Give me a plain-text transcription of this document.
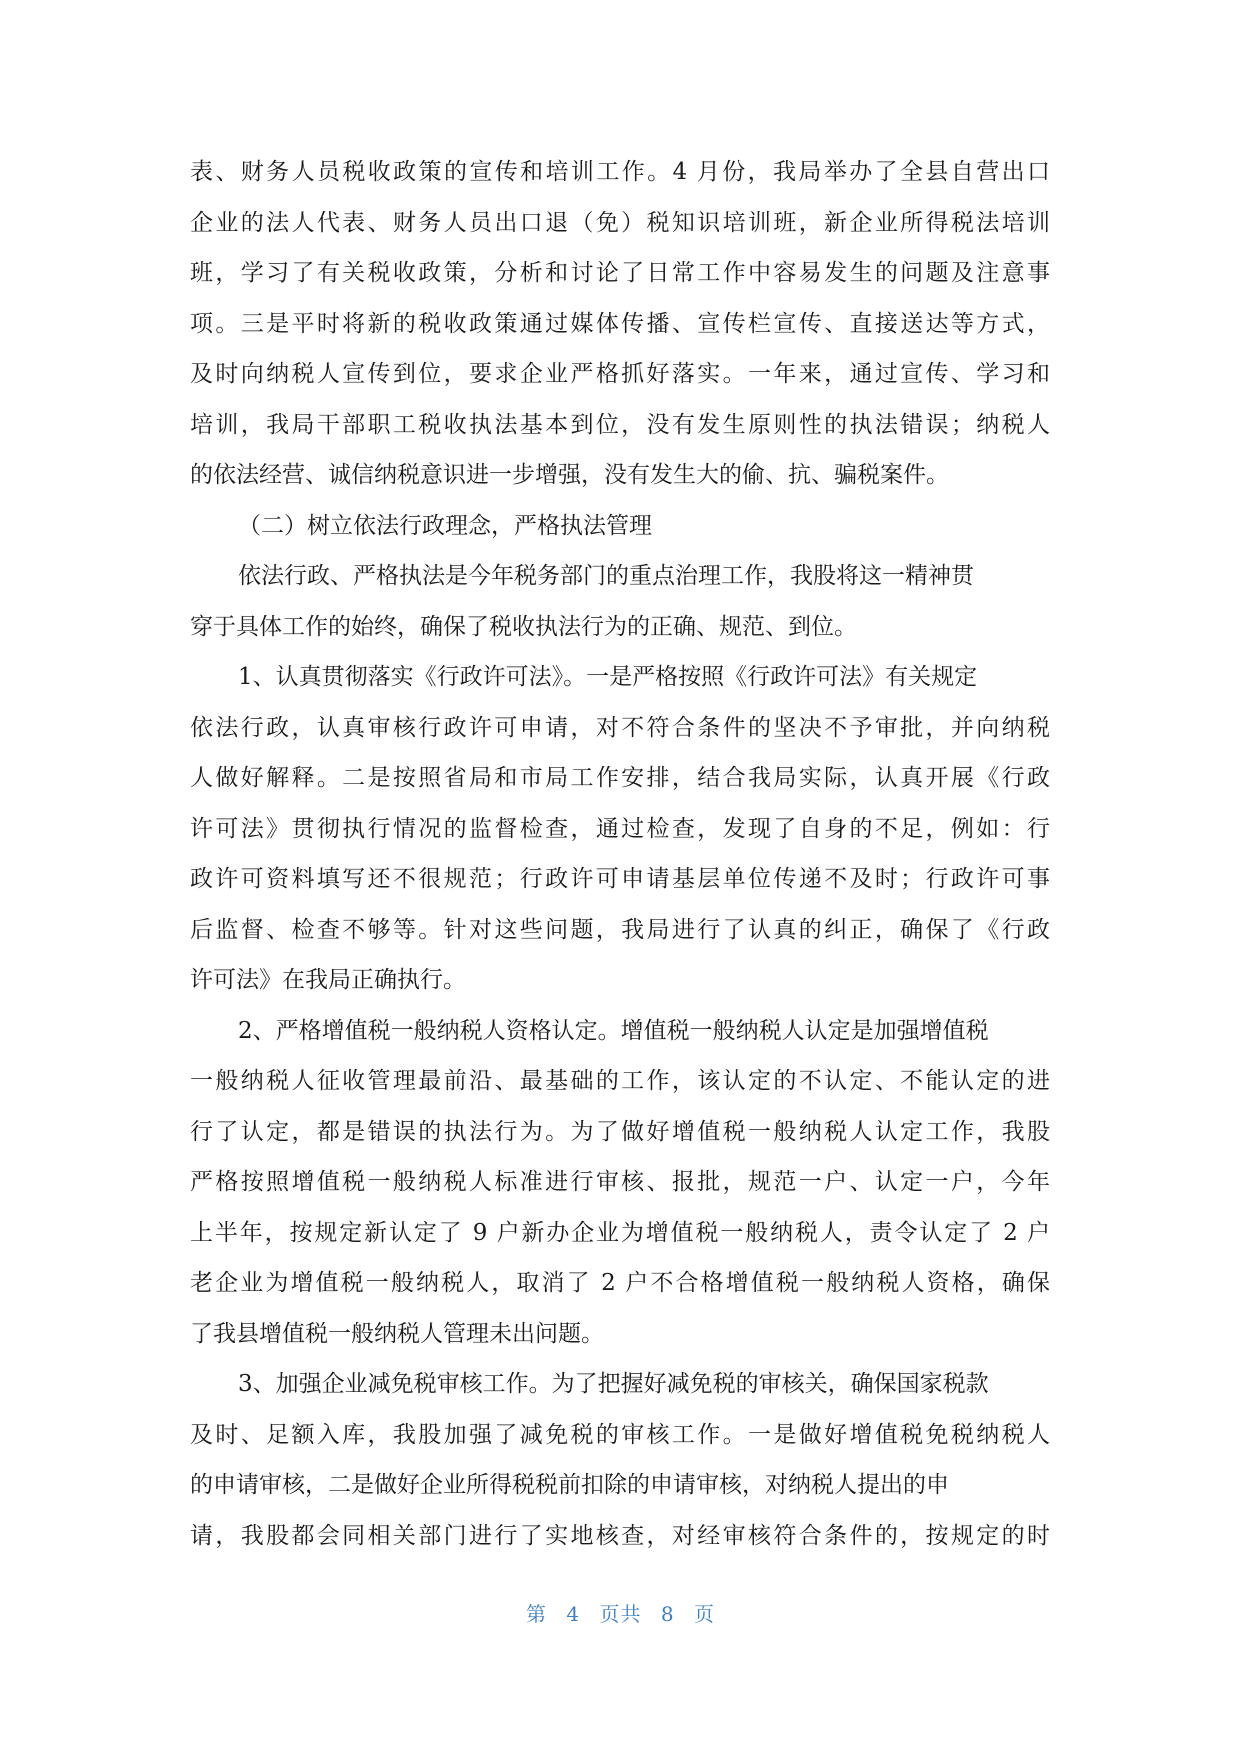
表、财务人员税收政策的宣传和培训工作。4 月份，我局举办了全县自营出口
企业的法人代表、财务人员出口退（免）税知识培训班，新企业所得税法培训
班，学习了有关税收政策，分析和讨论了日常工作中容易发生的问题及注意事
项。三是平时将新的税收政策通过媒体传播、宣传栏宣传、直接送达等方式，
及时向纳税人宣传到位，要求企业严格抓好落实。一年来，通过宣传、学习和
培训，我局干部职工税收执法基本到位，没有发生原则性的执法错误；纳税人
的依法经营、诚信纳税意识进一步增强，没有发生大的偷、抗、骗税案件。
（二）树立依法行政理念，严格执法管理
依法行政、严格执法是今年税务部门的重点治理工作，我股将这一精神贯
穿于具体工作的始终，确保了税收执法行为的正确、规范、到位。
1、认真贯彻落实《行政许可法》。一是严格按照《行政许可法》有关规定
依法行政，认真审核行政许可申请，对不符合条件的坚决不予审批，并向纳税
人做好解释。二是按照省局和市局工作安排，结合我局实际，认真开展《行政
许可法》贯彻执行情况的监督检查，通过检查，发现了自身的不足，例如：行
政许可资料填写还不很规范；行政许可申请基层单位传递不及时；行政许可事
后监督、检查不够等。针对这些问题，我局进行了认真的纠正，确保了《行政
许可法》在我局正确执行。
2、严格增值税一般纳税人资格认定。增值税一般纳税人认定是加强增值税
一般纳税人征收管理最前沿、最基础的工作，该认定的不认定、不能认定的进
行了认定，都是错误的执法行为。为了做好增值税一般纳税人认定工作，我股
严格按照增值税一般纳税人标准进行审核、报批，规范一户、认定一户，今年
上半年，按规定新认定了 9 户新办企业为增值税一般纳税人，责令认定了 2 户
老企业为增值税一般纳税人，取消了 2 户不合格增值税一般纳税人资格，确保
了我县增值税一般纳税人管理未出问题。
3、加强企业减免税审核工作。为了把握好减免税的审核关，确保国家税款
及时、足额入库，我股加强了减免税的审核工作。一是做好增值税免税纳税人
的申请审核，二是做好企业所得税税前扣除的申请审核，对纳税人提出的申
请，我股都会同相关部门进行了实地核查，对经审核符合条件的，按规定的时
第 4 页共 8 页
